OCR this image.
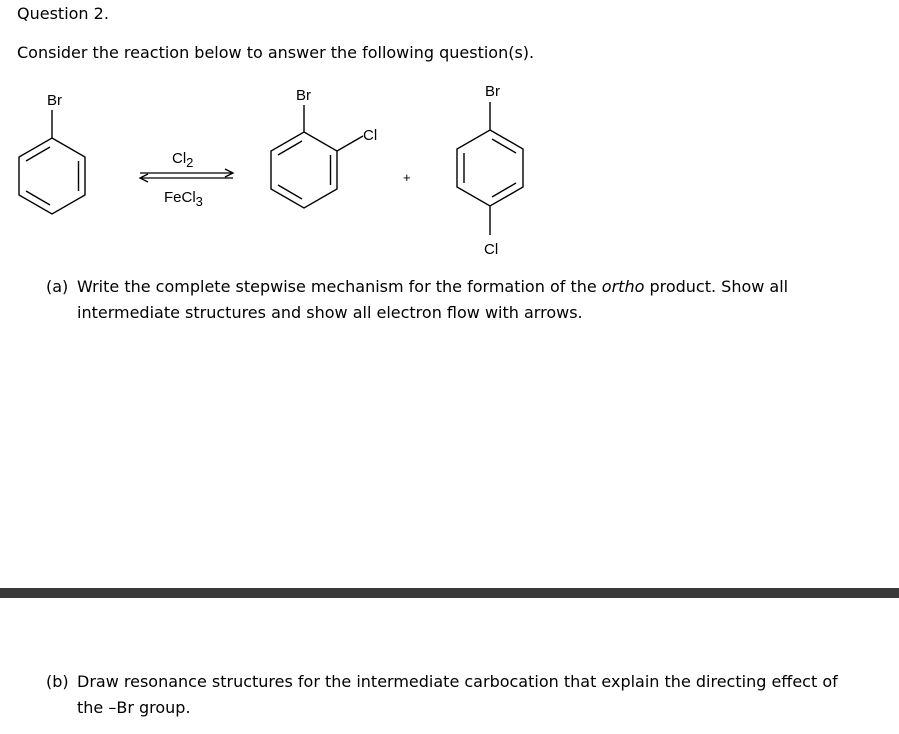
Question 2.
Consider the reaction below to answer the following question(s).
Br
Cl2
FeCl3
Br
Cl
+
Br
Cl
(a) Write the complete stepwise mechanism for the formation of the ortho product. Show all
intermediate structures and show all electron flow with arrows.
(b) Draw resonance structures for the intermediate carbocation that explain the directing effect of
the –Br group.
